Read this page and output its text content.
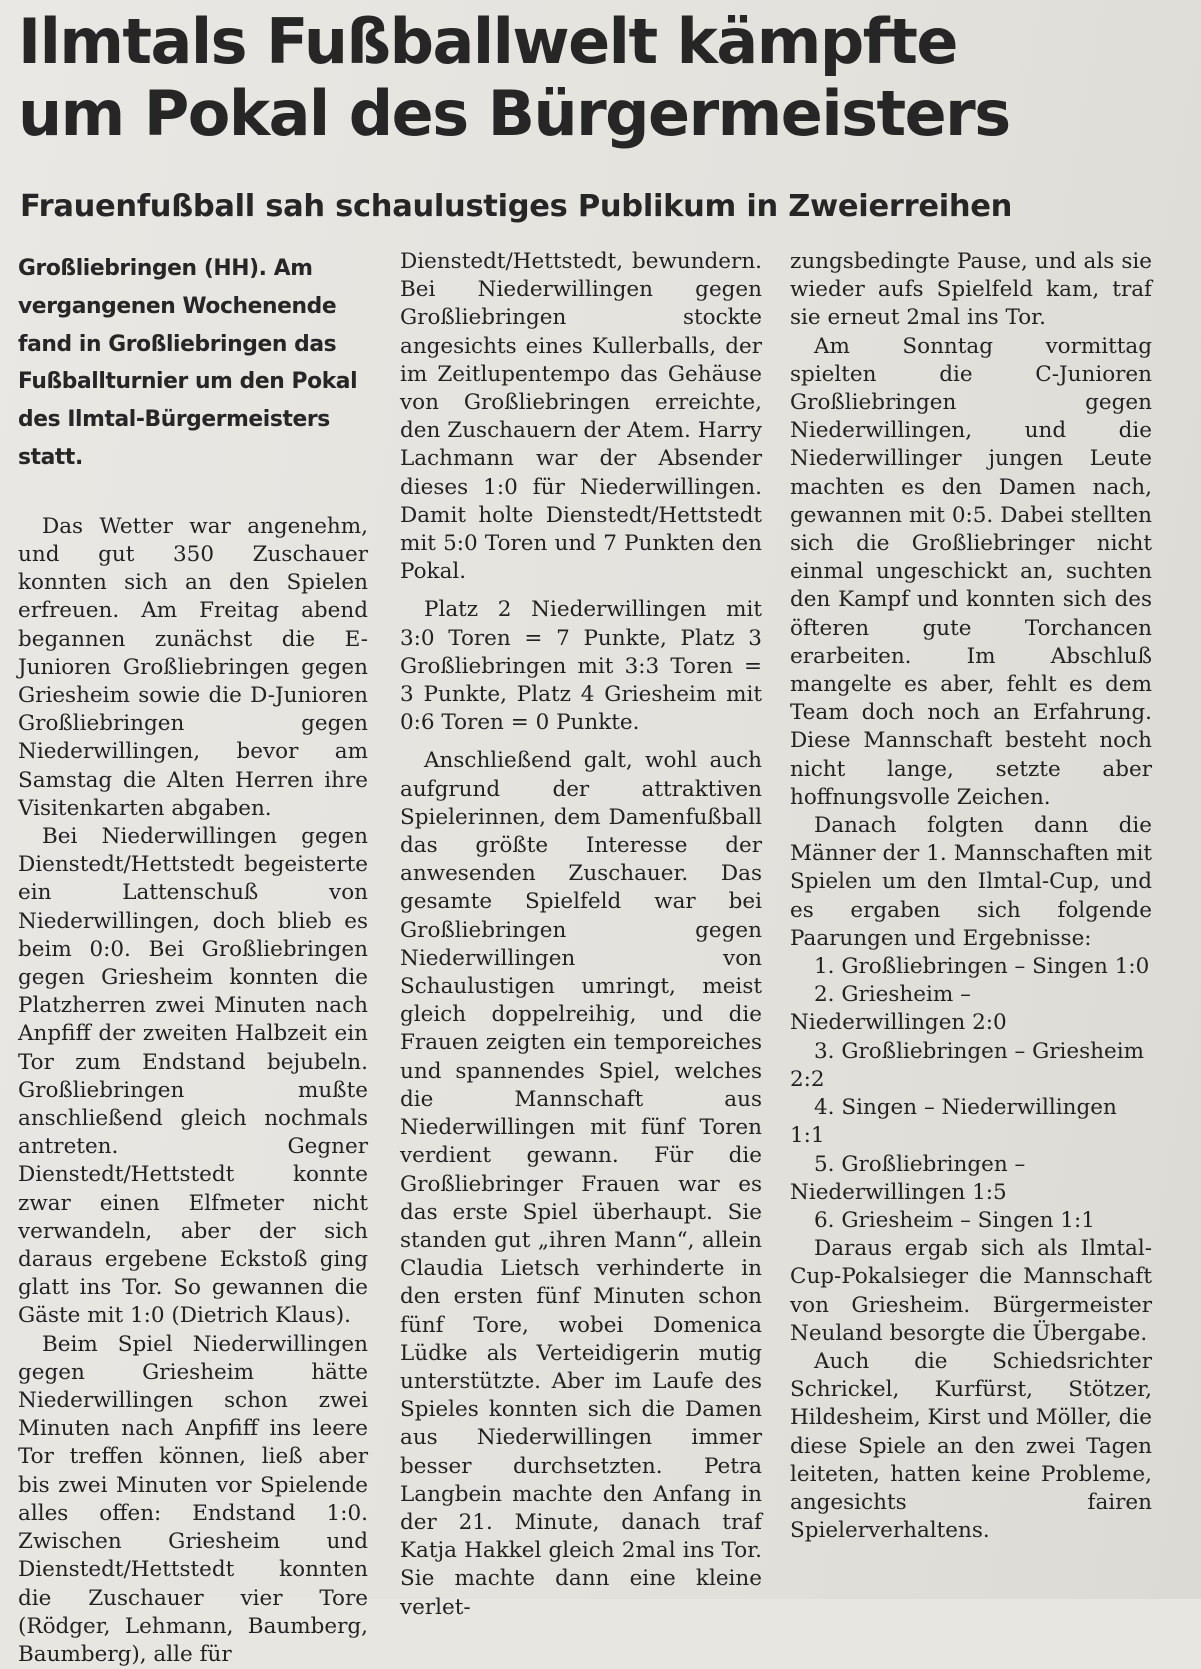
Ilmtals Fußballwelt kämpfte
um Pokal des Bürgermeisters
Frauenfußball sah schaulustiges Publikum in Zweierreihen

Großliebringen (HH). Am vergangenen Wochenende fand in Großliebringen das Fußballturnier um den Pokal des Ilmtal-Bürgermeisters statt.

Das Wetter war angenehm, und gut 350 Zuschauer konnten sich an den Spielen erfreuen. Am Freitag abend begannen zunächst die E-Junioren Großliebringen gegen Griesheim sowie die D-Junioren Großliebringen gegen Niederwillingen, bevor am Samstag die Alten Herren ihre Visitenkarten abgaben.

Bei Niederwillingen gegen Dienstedt/Hettstedt begeisterte ein Lattenschuß von Niederwillingen, doch blieb es beim 0:0. Bei Großliebringen gegen Griesheim konnten die Platzherren zwei Minuten nach Anpfiff der zweiten Halbzeit ein Tor zum Endstand bejubeln. Großliebringen mußte anschließend gleich nochmals antreten. Gegner Dienstedt/Hettstedt konnte zwar einen Elfmeter nicht verwandeln, aber der sich daraus ergebene Eckstoß ging glatt ins Tor. So gewannen die Gäste mit 1:0 (Dietrich Klaus).

Beim Spiel Niederwillingen gegen Griesheim hätte Niederwillingen schon zwei Minuten nach Anpfiff ins leere Tor treffen können, ließ aber bis zwei Minuten vor Spielende alles offen: Endstand 1:0. Zwischen Griesheim und Dienstedt/Hettstedt konnten die Zuschauer vier Tore (Rödger, Lehmann, Baumberg, Baumberg), alle für

Dienstedt/Hettstedt, bewundern. Bei Niederwillingen gegen Großliebringen stockte angesichts eines Kullerballs, der im Zeitlupentempo das Gehäuse von Großliebringen erreichte, den Zuschauern der Atem. Harry Lachmann war der Absender dieses 1:0 für Niederwillingen. Damit holte Dienstedt/Hettstedt mit 5:0 Toren und 7 Punkten den Pokal.

Platz 2 Niederwillingen mit 3:0 Toren = 7 Punkte, Platz 3 Großliebringen mit 3:3 Toren = 3 Punkte, Platz 4 Griesheim mit 0:6 Toren = 0 Punkte.

Anschließend galt, wohl auch aufgrund der attraktiven Spielerinnen, dem Damenfußball das größte Interesse der anwesenden Zuschauer. Das gesamte Spielfeld war bei Großliebringen gegen Niederwillingen von Schaulustigen umringt, meist gleich doppelreihig, und die Frauen zeigten ein temporeiches und spannendes Spiel, welches die Mannschaft aus Niederwillingen mit fünf Toren verdient gewann. Für die Großliebringer Frauen war es das erste Spiel überhaupt. Sie standen gut „ihren Mann“, allein Claudia Lietsch verhinderte in den ersten fünf Minuten schon fünf Tore, wobei Domenica Lüdke als Verteidigerin mutig unterstützte. Aber im Laufe des Spieles konnten sich die Damen aus Niederwillingen immer besser durchsetzten. Petra Langbein machte den Anfang in der 21. Minute, danach traf Katja Hakkel gleich 2mal ins Tor. Sie machte dann eine kleine verlet-

zungsbedingte Pause, und als sie wieder aufs Spielfeld kam, traf sie erneut 2mal ins Tor.

Am Sonntag vormittag spielten die C-Junioren Großliebringen gegen Niederwillingen, und die Niederwillinger jungen Leute machten es den Damen nach, gewannen mit 0:5. Dabei stellten sich die Großliebringer nicht einmal ungeschickt an, suchten den Kampf und konnten sich des öfteren gute Torchancen erarbeiten. Im Abschluß mangelte es aber, fehlt es dem Team doch noch an Erfahrung. Diese Mannschaft besteht noch nicht lange, setzte aber hoffnungsvolle Zeichen.

Danach folgten dann die Männer der 1. Mannschaften mit Spielen um den Ilmtal-Cup, und es ergaben sich folgende Paarungen und Ergebnisse:

1. Großliebringen – Singen 1:0

2. Griesheim – Niederwillingen 2:0

3. Großliebringen – Griesheim 2:2

4. Singen – Niederwillingen 1:1

5. Großliebringen – Niederwillingen 1:5

6. Griesheim – Singen 1:1

Daraus ergab sich als Ilmtal-Cup-Pokalsieger die Mannschaft von Griesheim. Bürgermeister Neuland besorgte die Übergabe.

Auch die Schiedsrichter Schrickel, Kurfürst, Stötzer, Hildesheim, Kirst und Möller, die diese Spiele an den zwei Tagen leiteten, hatten keine Probleme, angesichts fairen Spielerverhaltens.
